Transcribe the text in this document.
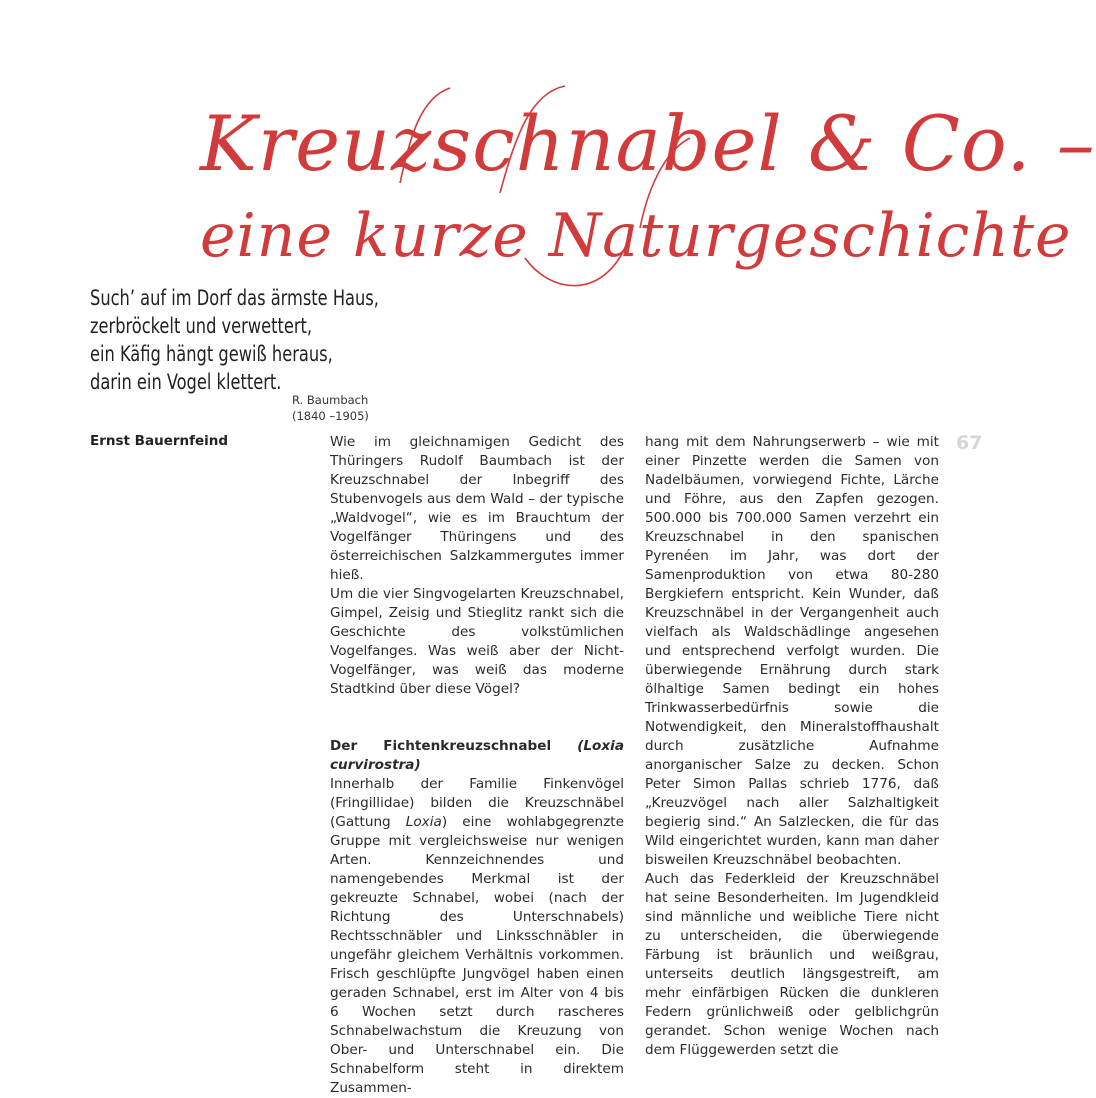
Kreuzschnabel & Co. –
eine kurze Naturgeschichte
Such’ auf im Dorf das ärmste Haus,
zerbröckelt und verwettert,
ein Käfig hängt gewiß heraus,
darin ein Vogel klettert.
R. Baumbach
(1840 –1905)
Ernst Bauernfeind	67

Wie im gleichnamigen Gedicht des Thüringers Rudolf Baumbach ist der Kreuzschnabel der Inbegriff des Stubenvogels aus dem Wald – der typische „Waldvogel“, wie es im Brauchtum der Vogelfänger Thüringens und des österreichischen Salzkammergutes immer hieß.

Um die vier Singvogelarten Kreuzschnabel, Gimpel, Zeisig und Stieglitz rankt sich die Geschichte des volkstümlichen Vogelfanges. Was weiß aber der Nicht-Vogelfänger, was weiß das moderne Stadtkind über diese Vögel?

Der Fichtenkreuzschnabel (Loxia curvirostra)

Innerhalb der Familie Finkenvögel (Fringillidae) bilden die Kreuzschnäbel (Gattung Loxia) eine wohlabgegrenzte Gruppe mit vergleichsweise nur wenigen Arten. Kennzeichnendes und namengebendes Merkmal ist der gekreuzte Schnabel, wobei (nach der Richtung des Unterschnabels) Rechtsschnäbler und Linksschnäbler in ungefähr gleichem Verhältnis vorkommen. Frisch geschlüpfte Jungvögel haben einen geraden Schnabel, erst im Alter von 4 bis 6 Wochen setzt durch rascheres Schnabelwachstum die Kreuzung von Ober- und Unterschnabel ein. Die Schnabelform steht in direktem Zusammen-

hang mit dem Nahrungserwerb – wie mit einer Pinzette werden die Samen von Nadelbäumen, vorwiegend Fichte, Lärche und Föhre, aus den Zapfen gezogen. 500.000 bis 700.000 Samen verzehrt ein Kreuzschnabel in den spanischen Pyrenéen im Jahr, was dort der Samenproduktion von etwa 80-280 Bergkiefern entspricht. Kein Wunder, daß Kreuzschnäbel in der Vergangenheit auch vielfach als Waldschädlinge angesehen und entsprechend verfolgt wurden. Die überwiegende Ernährung durch stark ölhaltige Samen bedingt ein hohes Trinkwasserbedürfnis sowie die Notwendigkeit, den Mineralstoffhaushalt durch zusätzliche Aufnahme anorganischer Salze zu decken. Schon Peter Simon Pallas schrieb 1776, daß „Kreuzvögel nach aller Salzhaltigkeit begierig sind.“ An Salzlecken, die für das Wild eingerichtet wurden, kann man daher bisweilen Kreuzschnäbel beobachten.

Auch das Federkleid der Kreuzschnäbel hat seine Besonderheiten. Im Jugendkleid sind männliche und weibliche Tiere nicht zu unterscheiden, die überwiegende Färbung ist bräunlich und weißgrau, unterseits deutlich längsgestreift, am mehr einfärbigen Rücken die dunkleren Federn grünlichweiß oder gelblichgrün gerandet. Schon wenige Wochen nach dem Flüggewerden setzt die
